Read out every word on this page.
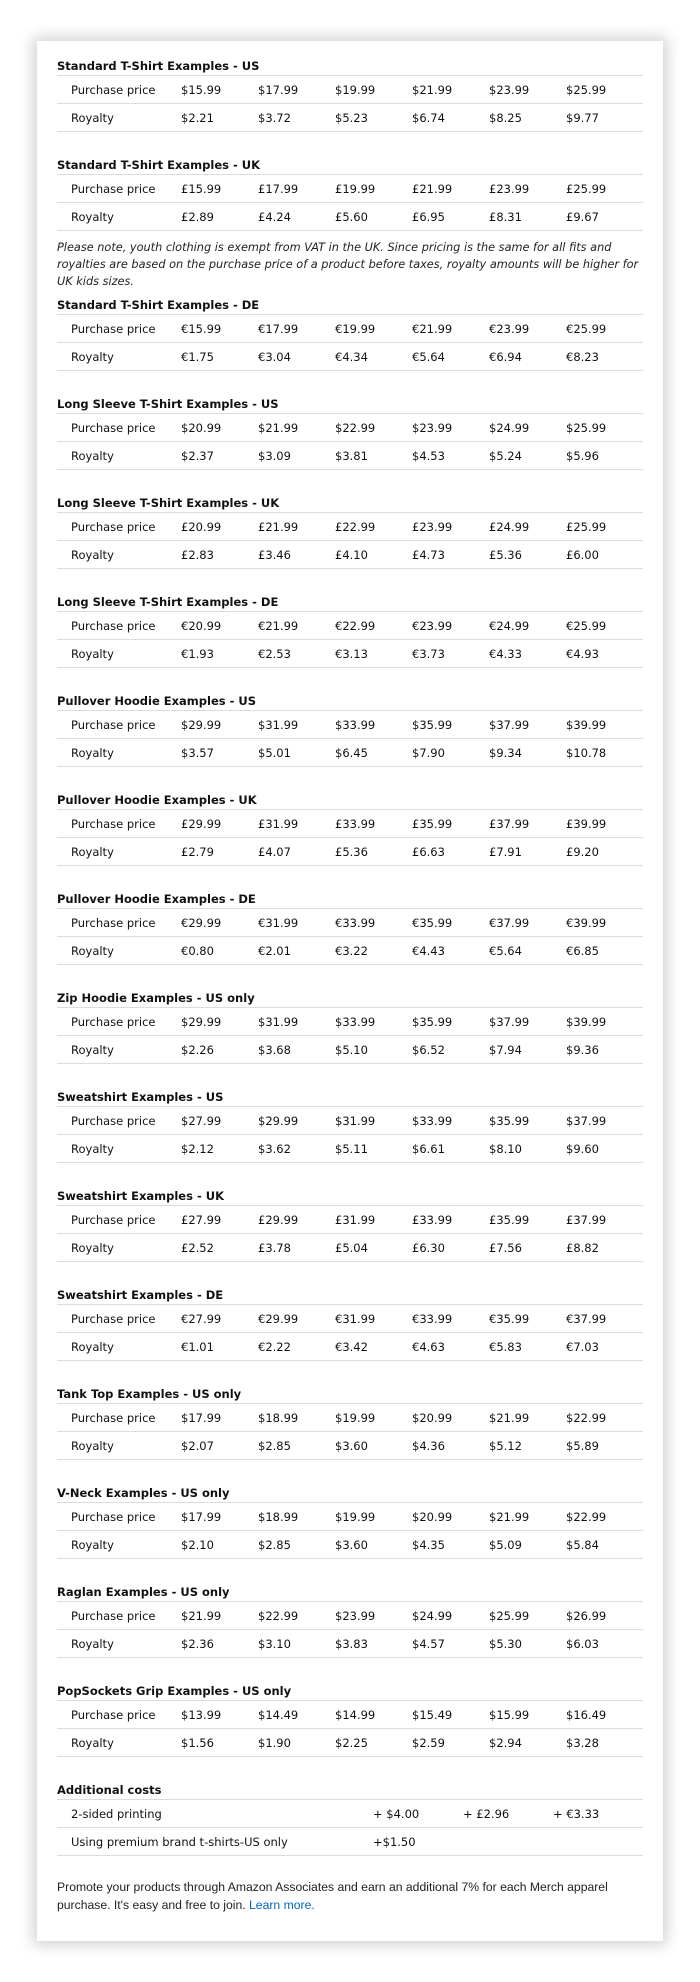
Standard T-Shirt Examples - US
Purchase price	$15.99	$17.99	$19.99	$21.99	$23.99	$25.99
Royalty	$2.21	$3.72	$5.23	$6.74	$8.25	$9.77
Standard T-Shirt Examples - UK
Purchase price	£15.99	£17.99	£19.99	£21.99	£23.99	£25.99
Royalty	£2.89	£4.24	£5.60	£6.95	£8.31	£9.67
Please note, youth clothing is exempt from VAT in the UK. Since pricing is the same for all fits and royalties are based on the purchase price of a product before taxes, royalty amounts will be higher for UK kids sizes.
Standard T-Shirt Examples - DE
Purchase price	€15.99	€17.99	€19.99	€21.99	€23.99	€25.99
Royalty	€1.75	€3.04	€4.34	€5.64	€6.94	€8.23
Long Sleeve T-Shirt Examples - US
Purchase price	$20.99	$21.99	$22.99	$23.99	$24.99	$25.99
Royalty	$2.37	$3.09	$3.81	$4.53	$5.24	$5.96
Long Sleeve T-Shirt Examples - UK
Purchase price	£20.99	£21.99	£22.99	£23.99	£24.99	£25.99
Royalty	£2.83	£3.46	£4.10	£4.73	£5.36	£6.00
Long Sleeve T-Shirt Examples - DE
Purchase price	€20.99	€21.99	€22.99	€23.99	€24.99	€25.99
Royalty	€1.93	€2.53	€3.13	€3.73	€4.33	€4.93
Pullover Hoodie Examples - US
Purchase price	$29.99	$31.99	$33.99	$35.99	$37.99	$39.99
Royalty	$3.57	$5.01	$6.45	$7.90	$9.34	$10.78
Pullover Hoodie Examples - UK
Purchase price	£29.99	£31.99	£33.99	£35.99	£37.99	£39.99
Royalty	£2.79	£4.07	£5.36	£6.63	£7.91	£9.20
Pullover Hoodie Examples - DE
Purchase price	€29.99	€31.99	€33.99	€35.99	€37.99	€39.99
Royalty	€0.80	€2.01	€3.22	€4.43	€5.64	€6.85
Zip Hoodie Examples - US only
Purchase price	$29.99	$31.99	$33.99	$35.99	$37.99	$39.99
Royalty	$2.26	$3.68	$5.10	$6.52	$7.94	$9.36
Sweatshirt Examples - US
Purchase price	$27.99	$29.99	$31.99	$33.99	$35.99	$37.99
Royalty	$2.12	$3.62	$5.11	$6.61	$8.10	$9.60
Sweatshirt Examples - UK
Purchase price	£27.99	£29.99	£31.99	£33.99	£35.99	£37.99
Royalty	£2.52	£3.78	£5.04	£6.30	£7.56	£8.82
Sweatshirt Examples - DE
Purchase price	€27.99	€29.99	€31.99	€33.99	€35.99	€37.99
Royalty	€1.01	€2.22	€3.42	€4.63	€5.83	€7.03
Tank Top Examples - US only
Purchase price	$17.99	$18.99	$19.99	$20.99	$21.99	$22.99
Royalty	$2.07	$2.85	$3.60	$4.36	$5.12	$5.89
V-Neck Examples - US only
Purchase price	$17.99	$18.99	$19.99	$20.99	$21.99	$22.99
Royalty	$2.10	$2.85	$3.60	$4.35	$5.09	$5.84
Raglan Examples - US only
Purchase price	$21.99	$22.99	$23.99	$24.99	$25.99	$26.99
Royalty	$2.36	$3.10	$3.83	$4.57	$5.30	$6.03
PopSockets Grip Examples - US only
Purchase price	$13.99	$14.49	$14.99	$15.49	$15.99	$16.49
Royalty	$1.56	$1.90	$2.25	$2.59	$2.94	$3.28
Additional costs
2-sided printing	+ $4.00	+ £2.96	+ €3.33
Using premium brand t-shirts-US only	+$1.50		
Promote your products through Amazon Associates and earn an additional 7% for each Merch apparel purchase. It's easy and free to join. Learn more.
